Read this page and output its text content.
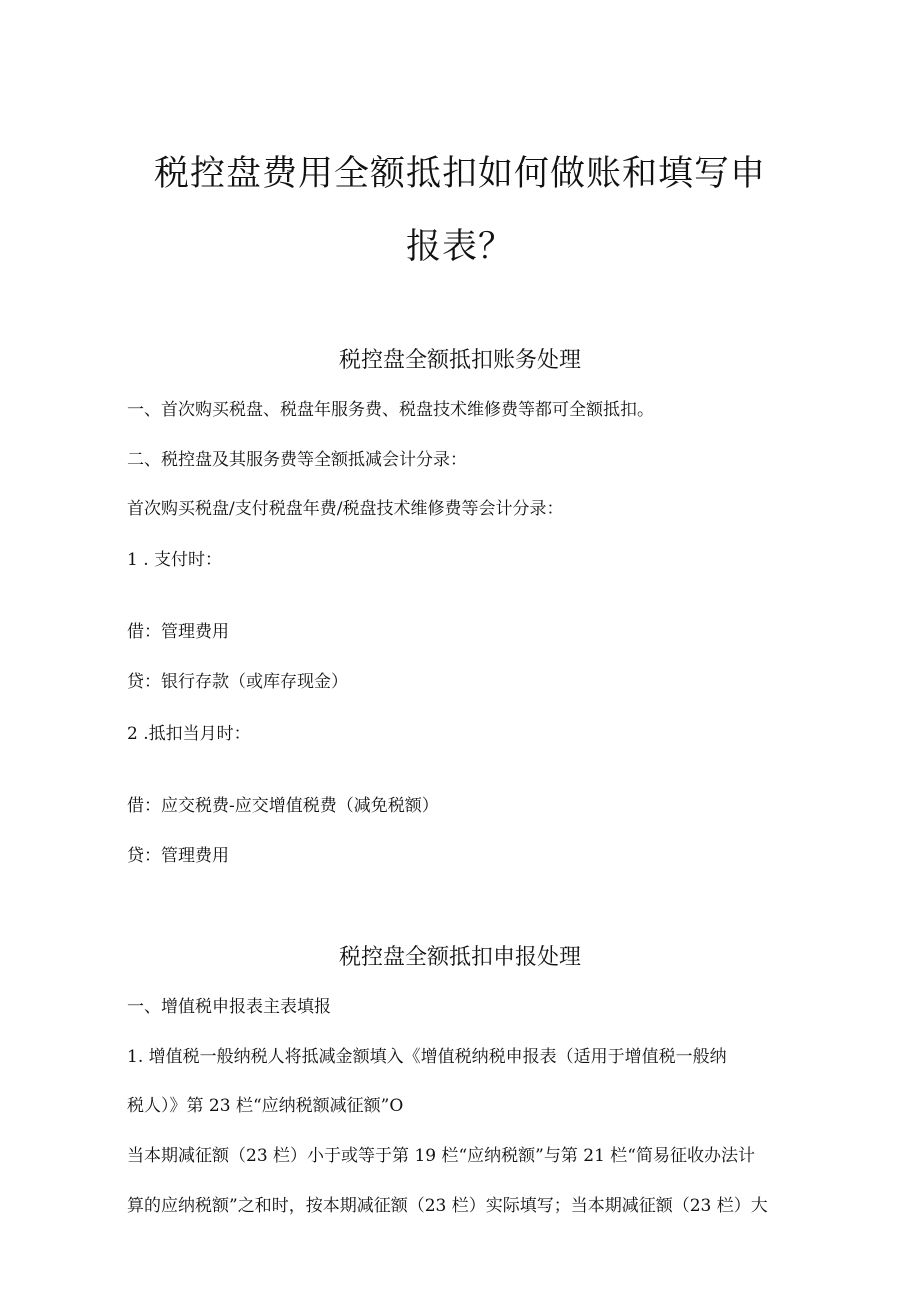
税控盘费用全额抵扣如何做账和填写申
报表？
税控盘全额抵扣账务处理

一、首次购买税盘、税盘年服务费、税盘技术维修费等都可全额抵扣。

二、税控盘及其服务费等全额抵减会计分录：

首次购买税盘/支付税盘年费/税盘技术维修费等会计分录：

1 . 支付时：

借：管理费用

贷：银行存款（或库存现金）

2 .抵扣当月时：

借：应交税费-应交增值税费（减免税额）

贷：管理费用

税控盘全额抵扣申报处理

一、增值税申报表主表填报

1. 增值税一般纳税人将抵减金额填入《增值税纳税申报表（适用于增值税一般纳

税人）》第 23 栏“应纳税额减征额”O

当本期减征额（23 栏）小于或等于第 19 栏“应纳税额”与第 21 栏“简易征收办法计

算的应纳税额”之和时，按本期减征额（23 栏）实际填写；当本期减征额（23 栏）大
